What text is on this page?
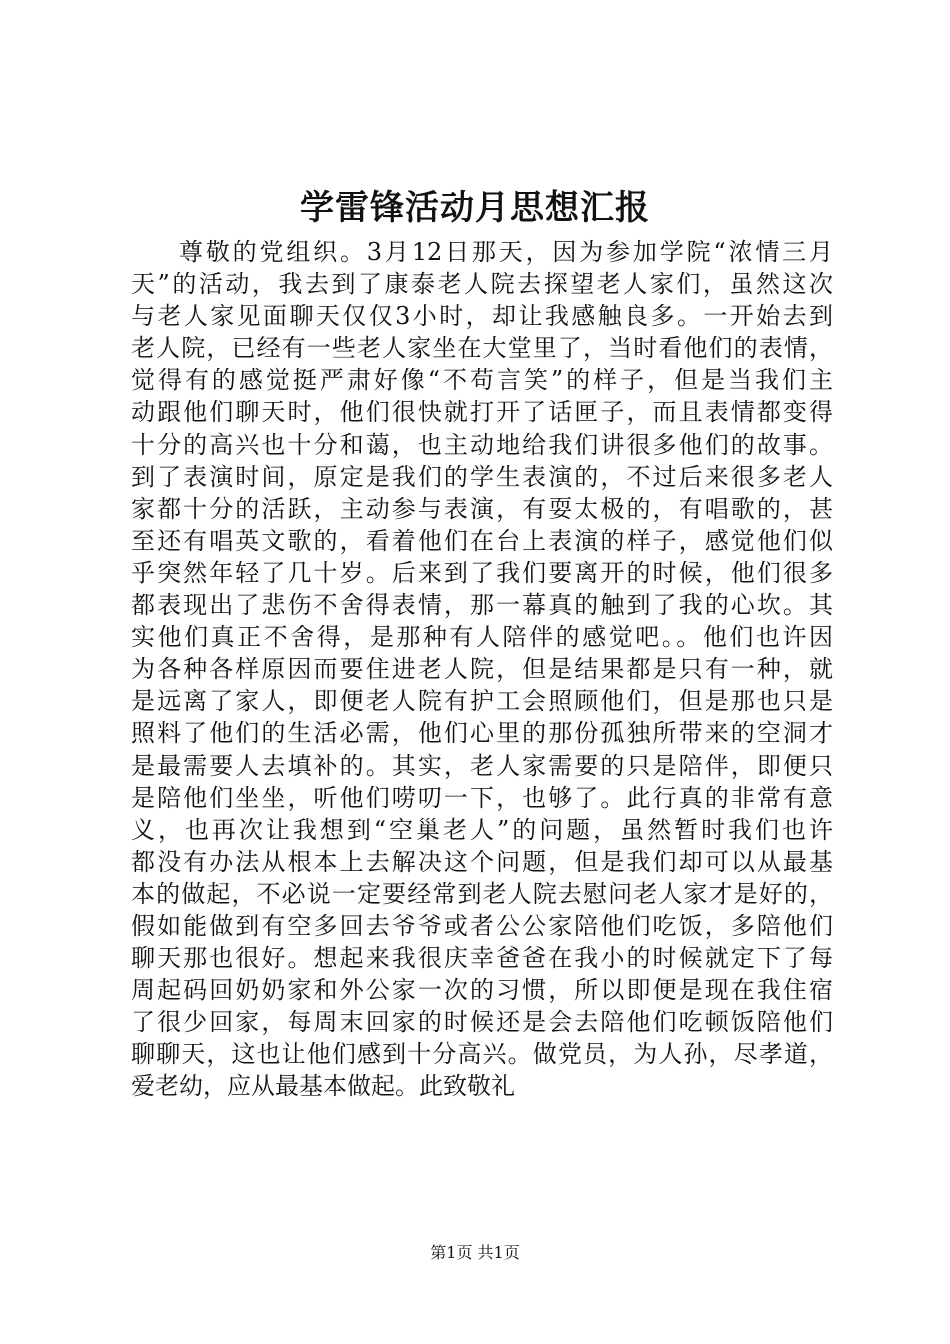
学雷锋活动月思想汇报
尊敬的党组织。3月12日那天，因为参加学院“浓情三月
天”的活动，我去到了康泰老人院去探望老人家们，虽然这次
与老人家见面聊天仅仅3小时，却让我感触良多。一开始去到
老人院，已经有一些老人家坐在大堂里了，当时看他们的表情，
觉得有的感觉挺严肃好像“不苟言笑”的样子，但是当我们主
动跟他们聊天时，他们很快就打开了话匣子，而且表情都变得
十分的高兴也十分和蔼，也主动地给我们讲很多他们的故事。
到了表演时间，原定是我们的学生表演的，不过后来很多老人
家都十分的活跃，主动参与表演，有耍太极的，有唱歌的，甚
至还有唱英文歌的，看着他们在台上表演的样子，感觉他们似
乎突然年轻了几十岁。后来到了我们要离开的时候，他们很多
都表现出了悲伤不舍得表情，那一幕真的触到了我的心坎。其
实他们真正不舍得，是那种有人陪伴的感觉吧。。他们也许因
为各种各样原因而要住进老人院，但是结果都是只有一种，就
是远离了家人，即便老人院有护工会照顾他们，但是那也只是
照料了他们的生活必需，他们心里的那份孤独所带来的空洞才
是最需要人去填补的。其实，老人家需要的只是陪伴，即便只
是陪他们坐坐，听他们唠叨一下，也够了。此行真的非常有意
义，也再次让我想到“空巢老人”的问题，虽然暂时我们也许
都没有办法从根本上去解决这个问题，但是我们却可以从最基
本的做起，不必说一定要经常到老人院去慰问老人家才是好的，
假如能做到有空多回去爷爷或者公公家陪他们吃饭，多陪他们
聊天那也很好。想起来我很庆幸爸爸在我小的时候就定下了每
周起码回奶奶家和外公家一次的习惯，所以即便是现在我住宿
了很少回家，每周末回家的时候还是会去陪他们吃顿饭陪他们
聊聊天，这也让他们感到十分高兴。做党员，为人孙，尽孝道，
爱老幼，应从最基本做起。此致敬礼
第1页 共1页
